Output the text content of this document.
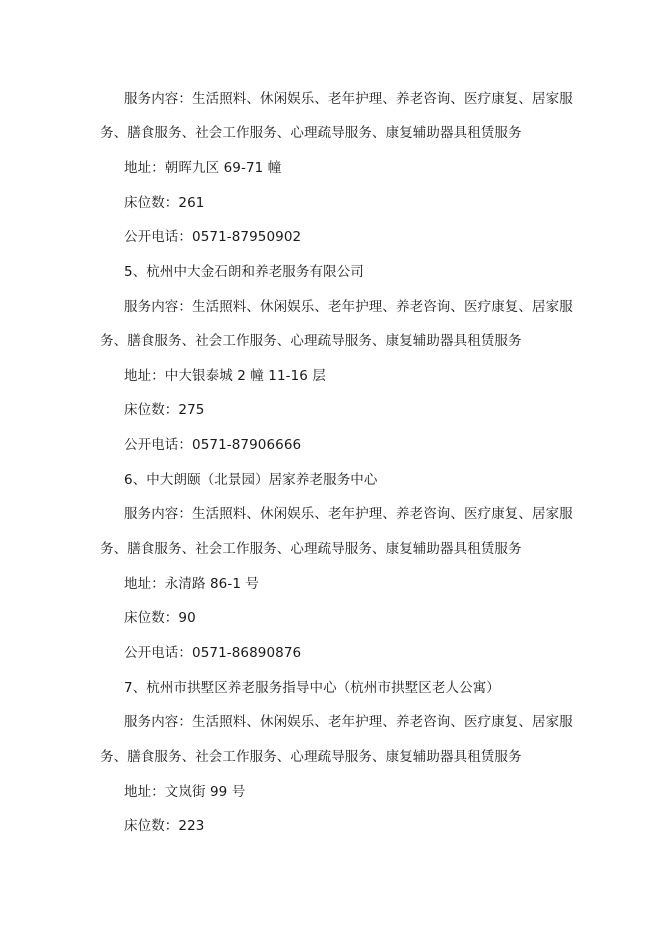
服务内容：生活照料、休闲娱乐、老年护理、养老咨询、医疗康复、居家服
务、膳食服务、社会工作服务、心理疏导服务、康复辅助器具租赁服务
地址：朝晖九区 69-71 幢
床位数：261
公开电话：0571-87950902
5、杭州中大金石朗和养老服务有限公司
服务内容：生活照料、休闲娱乐、老年护理、养老咨询、医疗康复、居家服
务、膳食服务、社会工作服务、心理疏导服务、康复辅助器具租赁服务
地址：中大银泰城 2 幢 11-16 层
床位数：275
公开电话：0571-87906666
6、中大朗颐（北景园）居家养老服务中心
服务内容：生活照料、休闲娱乐、老年护理、养老咨询、医疗康复、居家服
务、膳食服务、社会工作服务、心理疏导服务、康复辅助器具租赁服务
地址：永清路 86-1 号
床位数：90
公开电话：0571-86890876
7、杭州市拱墅区养老服务指导中心（杭州市拱墅区老人公寓）
服务内容：生活照料、休闲娱乐、老年护理、养老咨询、医疗康复、居家服
务、膳食服务、社会工作服务、心理疏导服务、康复辅助器具租赁服务
地址：文岚街 99 号
床位数：223
